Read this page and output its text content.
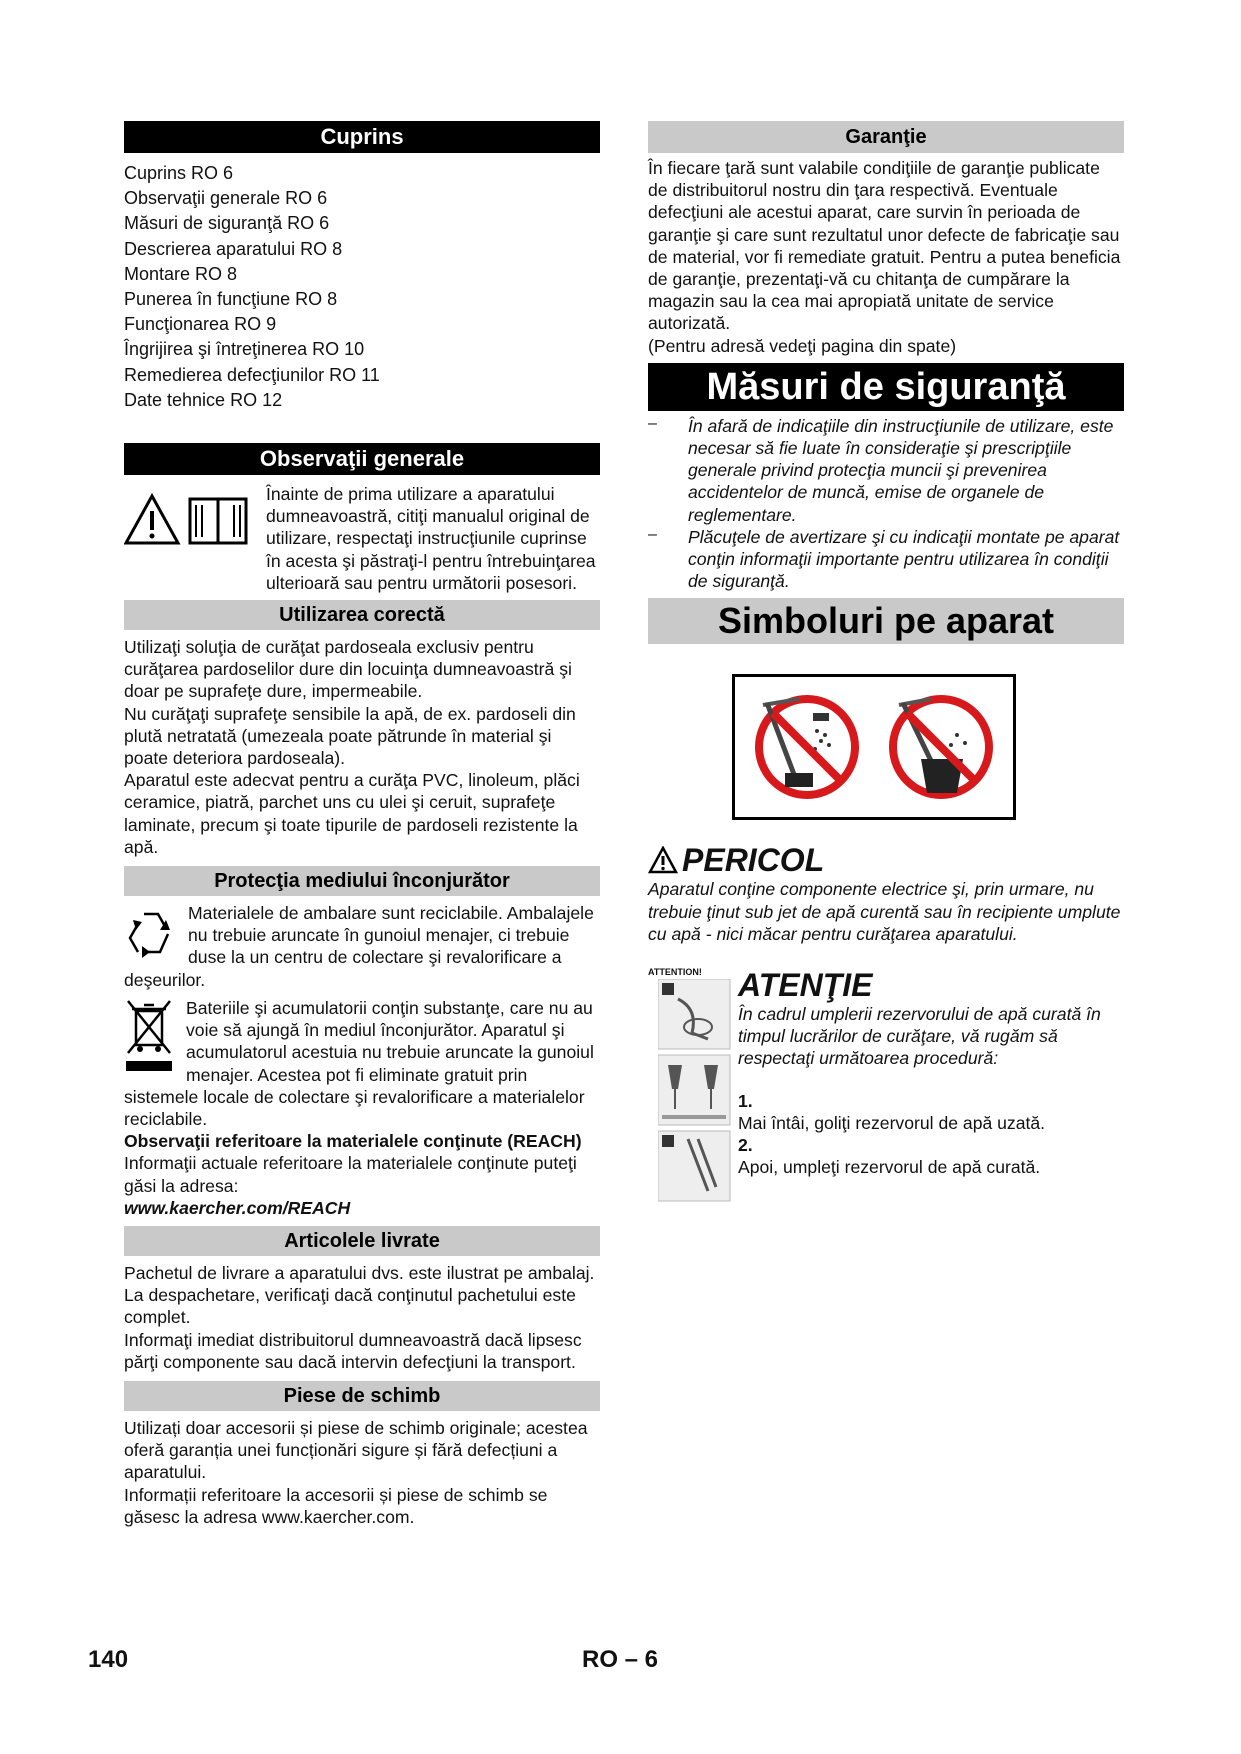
Cuprins

Cuprins RO 6

Observaţii generale RO 6

Măsuri de siguranţă RO 6

Descrierea aparatului RO 8

Montare RO 8

Punerea în funcţiune RO 8

Funcţionarea RO 9

Îngrijirea şi întreţinerea RO 10

Remedierea defecţiunilor RO 11

Date tehnice RO 12

Observaţii generale

Înainte de prima utilizare a aparatului dumneavoastră, citiţi manualul original de utilizare, respectaţi instrucţiunile cuprinse în acesta şi păstraţi-l pentru întrebuinţarea ulterioară sau pentru următorii posesori.

Utilizarea corectă

Utilizaţi soluţia de curăţat pardoseala exclusiv pentru curăţarea pardoselilor dure din locuinţa dumneavoastră şi doar pe suprafeţe dure, impermeabile.

Nu curăţaţi suprafeţe sensibile la apă, de ex. pardoseli din plută netratată (umezeala poate pătrunde în material şi poate deteriora pardoseala).

Aparatul este adecvat pentru a curăţa PVC, linoleum, plăci ceramice, piatră, parchet uns cu ulei şi ceruit, suprafeţe laminate, precum şi toate tipurile de pardoseli rezistente la apă.

Protecţia mediului înconjurător

Materialele de ambalare sunt reciclabile. Ambalajele nu trebuie aruncate în gunoiul menajer, ci trebuie duse la un centru de colectare şi revalorificare a deşeurilor.

Bateriile şi acumulatorii conţin substanţe, care nu au voie să ajungă în mediul înconjurător. Aparatul şi acumulatorul acestuia nu trebuie aruncate la gunoiul menajer. Acestea pot fi eliminate gratuit prin sistemele locale de colectare şi revalorificare a materialelor reciclabile.

Observaţii referitoare la materialele conţinute (REACH)

Informaţii actuale referitoare la materialele conţinute puteţi găsi la adresa:

www.kaercher.com/REACH

Articolele livrate

Pachetul de livrare a aparatului dvs. este ilustrat pe ambalaj. La despachetare, verificaţi dacă conţinutul pachetului este complet.

Informaţi imediat distribuitorul dumneavoastră dacă lipsesc părţi componente sau dacă intervin defecţiuni la transport.

Piese de schimb

Utilizați doar accesorii și piese de schimb originale; acestea oferă garanția unei funcționări sigure și fără defecțiuni a aparatului.

Informații referitoare la accesorii și piese de schimb se găsesc la adresa www.kaercher.com.

Garanţie

În fiecare ţară sunt valabile condiţiile de garanţie publicate de distribuitorul nostru din ţara respectivă. Eventuale defecţiuni ale acestui aparat, care survin în perioada de garanţie şi care sunt rezultatul unor defecte de fabricaţie sau de material, vor fi remediate gratuit. Pentru a putea beneficia de garanţie, prezentaţi-vă cu chitanţa de cumpărare la magazin sau la cea mai apropiată unitate de service autorizată.

(Pentru adresă vedeţi pagina din spate)

Măsuri de siguranţă
–	În afară de indicaţiile din instrucţiunile de utilizare, este necesar să fie luate în consideraţie şi prescripţiile generale privind protecţia muncii şi prevenirea accidentelor de muncă, emise de organele de reglementare.

–	Plăcuţele de avertizare şi cu indicaţii montate pe aparat conţin informaţii importante pentru utilizarea în condiţii de siguranţă.

Simboluri pe aparat
PERICOL

Aparatul conţine componente electrice şi, prin urmare, nu trebuie ţinut sub jet de apă curentă sau în recipiente umplute cu apă - nici măcar pentru curăţarea aparatului.

ATTENTION!	ATENŢIE

În cadrul umplerii rezervorului de apă curată în timpul lucrărilor de curăţare, vă rugăm să respectaţi următoarea procedură:

1.

Mai întâi, goliţi rezervorul de apă uzată.

2.

Apoi, umpleţi rezervorul de apă curată.

140	RO – 6
